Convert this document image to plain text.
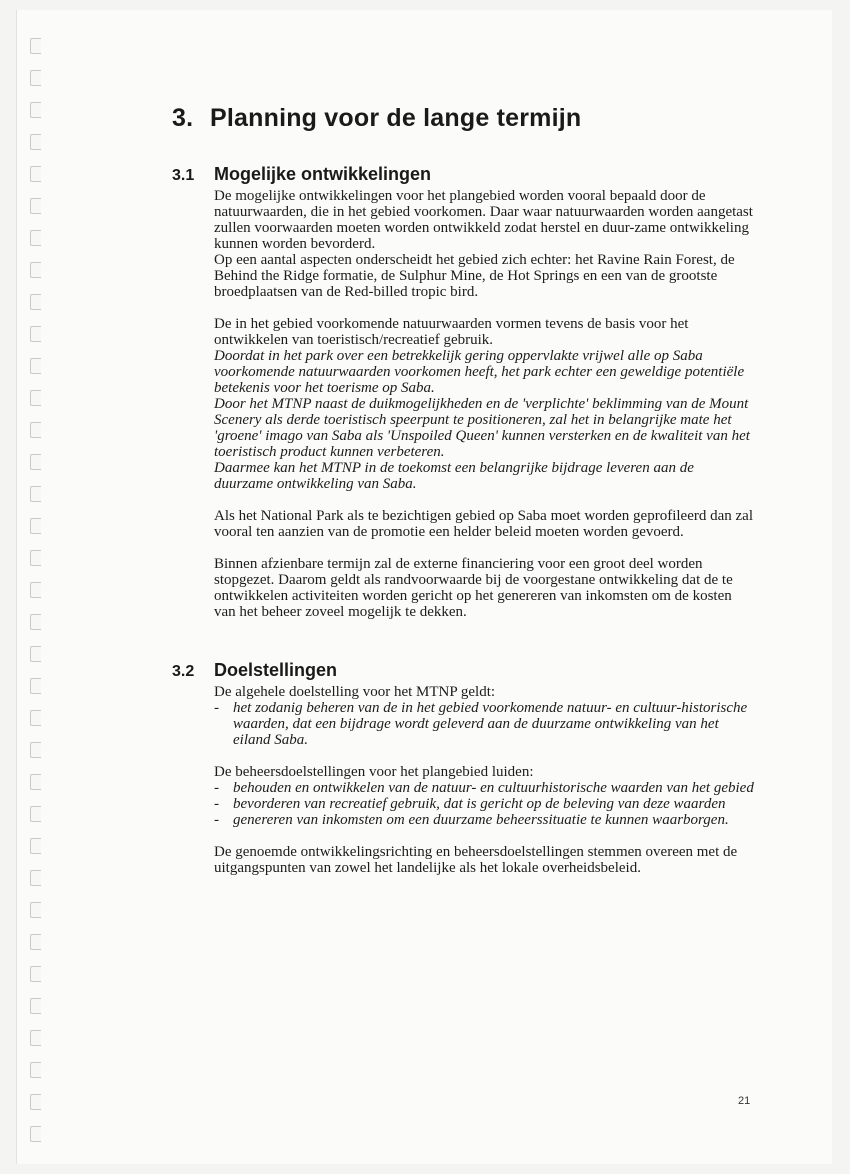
3. Planning voor de lange termijn
3.1 Mogelijke ontwikkelingen

De mogelijke ontwikkelingen voor het plangebied worden vooral bepaald door de natuurwaarden, die in het gebied voorkomen. Daar waar natuurwaarden worden aangetast zullen voorwaarden moeten worden ontwikkeld zodat herstel en duur-zame ontwikkeling kunnen worden bevorderd.

Op een aantal aspecten onderscheidt het gebied zich echter: het Ravine Rain Forest, de Behind the Ridge formatie, de Sulphur Mine, de Hot Springs en een van de grootste broedplaatsen van de Red-billed tropic bird.

De in het gebied voorkomende natuurwaarden vormen tevens de basis voor het ontwikkelen van toeristisch/recreatief gebruik.

Doordat in het park over een betrekkelijk gering oppervlakte vrijwel alle op Saba voorkomende natuurwaarden voorkomen heeft, het park echter een geweldige potentiële betekenis voor het toerisme op Saba.

Door het MTNP naast de duikmogelijkheden en de 'verplichte' beklimming van de Mount Scenery als derde toeristisch speerpunt te positioneren, zal het in belangrijke mate het 'groene' imago van Saba als 'Unspoiled Queen' kunnen versterken en de kwaliteit van het toeristisch product kunnen verbeteren.

Daarmee kan het MTNP in de toekomst een belangrijke bijdrage leveren aan de duurzame ontwikkeling van Saba.

Als het National Park als te bezichtigen gebied op Saba moet worden geprofileerd dan zal vooral ten aanzien van de promotie een helder beleid moeten worden gevoerd.

Binnen afzienbare termijn zal de externe financiering voor een groot deel worden stopgezet. Daarom geldt als randvoorwaarde bij de voorgestane ontwikkeling dat de te ontwikkelen activiteiten worden gericht op het genereren van inkomsten om de kosten van het beheer zoveel mogelijk te dekken.

3.2 Doelstellingen

De algehele doelstelling voor het MTNP geldt:

- het zodanig beheren van de in het gebied voorkomende natuur- en cultuur-historische waarden, dat een bijdrage wordt geleverd aan de duurzame ontwikkeling van het eiland Saba.

De beheersdoelstellingen voor het plangebied luiden:

- behouden en ontwikkelen van de natuur- en cultuurhistorische waarden van het gebied
- bevorderen van recreatief gebruik, dat is gericht op de beleving van deze waarden
- genereren van inkomsten om een duurzame beheerssituatie te kunnen waarborgen.

De genoemde ontwikkelingsrichting en beheersdoelstellingen stemmen overeen met de uitgangspunten van zowel het landelijke als het lokale overheidsbeleid.

21
